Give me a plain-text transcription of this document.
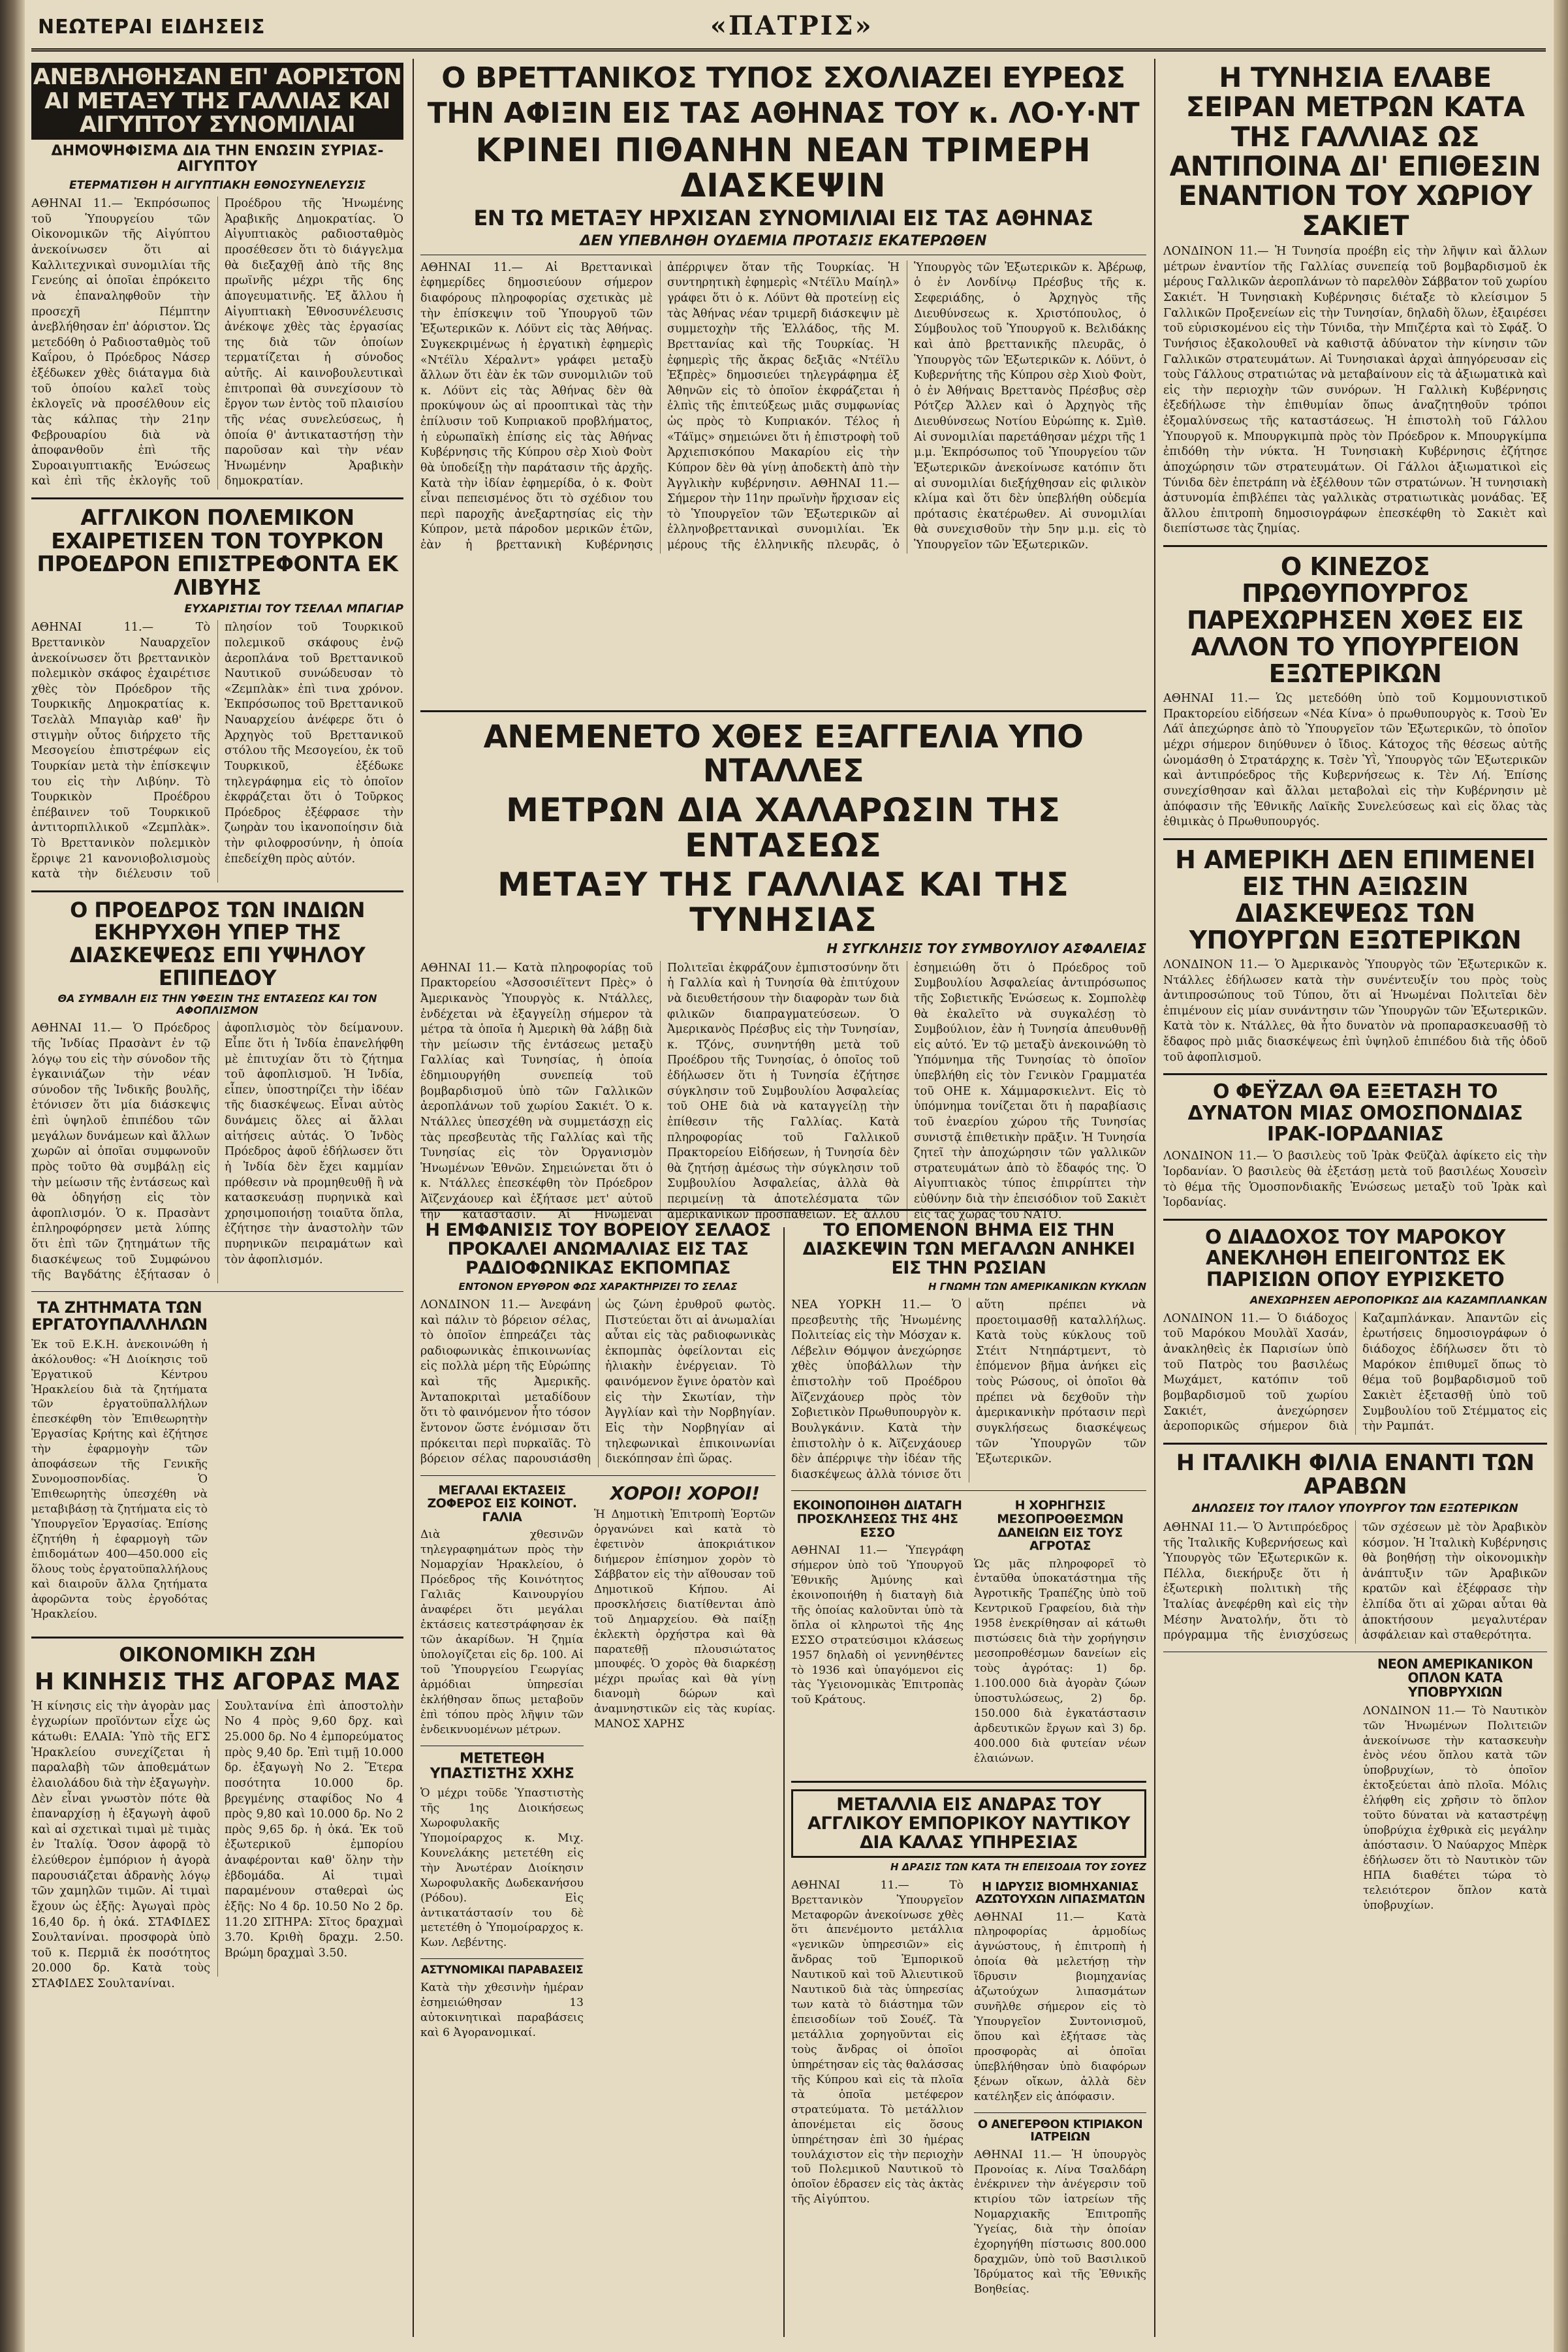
ΝΕΩΤΕΡΑΙ ΕΙΔΗΣΕΙΣ	«ΠΑΤΡΙΣ»
ΑΝΕΒΛΗΘΗΣΑΝ ΕΠ' ΑΟΡΙΣΤΟΝ ΑΙ ΜΕΤΑΞΥ ΤΗΣ ΓΑΛΛΙΑΣ ΚΑΙ ΑΙΓΥΠΤΟΥ ΣΥΝΟΜΙΛΙΑΙ
ΔΗΜΟΨΗΦΙΣΜΑ ΔΙΑ ΤΗΝ ΕΝΩΣΙΝ ΣΥΡΙΑΣ-ΑΙΓΥΠΤΟΥ
ΕΤΕΡΜΑΤΙΣΘΗ Η ΑΙΓΥΠΤΙΑΚΗ ΕΘΝΟΣΥΝΕΛΕΥΣΙΣ

ΑΘΗΝΑΙ 11.— Ἐκπρόσωπος τοῦ Ὑπουργείου τῶν Οἰκονομικῶν τῆς Αἰγύπτου ἀνεκοίνωσεν ὅτι αἱ Καλλιτεχνικαὶ συνομιλίαι τῆς Γενεύης αἱ ὁποῖαι ἐπρόκειτο νὰ ἐπαναληφθοῦν τὴν προσεχῆ Πέμπτην ἀνεβλήθησαν ἐπ' ἀόριστον. Ὡς μετεδόθη ὁ Ραδιοσταθμὸς τοῦ Καΐρου, ὁ Πρόεδρος Νάσερ ἐξέδωκεν χθὲς διάταγμα διὰ τοῦ ὁποίου καλεῖ τοὺς ἐκλογεῖς νὰ προσέλθουν εἰς τὰς κάλπας τὴν 21ην Φεβρουαρίου διὰ νὰ ἀποφανθοῦν ἐπὶ τῆς Συροαιγυπτιακῆς Ἑνώσεως καὶ ἐπὶ τῆς ἐκλογῆς τοῦ Προέδρου τῆς Ἡνωμένης Ἀραβικῆς Δημοκρατίας. Ὁ Αἰγυπτιακὸς ραδιοσταθμὸς προσέθεσεν ὅτι τὸ διάγγελμα θὰ διεξαχθῇ ἀπὸ τῆς 8ης πρωϊνῆς μέχρι τῆς 6ης ἀπογευματινῆς. Ἐξ ἄλλου ἡ Αἰγυπτιακὴ Ἐθνοσυνέλευσις ἀνέκοψε χθὲς τὰς ἐργασίας της διὰ τῶν ὁποίων τερματίζεται ἡ σύνοδος αὐτῆς. Αἱ καινοβουλευτικαὶ ἐπιτροπαὶ θὰ συνεχίσουν τὸ ἔργον των ἐντὸς τοῦ πλαισίου τῆς νέας συνελεύσεως, ἡ ὁποία θ' ἀντικαταστήσῃ τὴν παροῦσαν καὶ τὴν νέαν Ἡνωμένην Ἀραβικὴν δημοκρατίαν.

ΑΓΓΛΙΚΟΝ ΠΟΛΕΜΙΚΟΝ ΕΧΑΙΡΕΤΙΣΕΝ ΤΟΝ ΤΟΥΡΚΟΝ ΠΡΟΕΔΡΟΝ ΕΠΙΣΤΡΕΦΟΝΤΑ ΕΚ ΛΙΒΥΗΣ
ΕΥΧΑΡΙΣΤΙΑΙ ΤΟΥ ΤΣΕΛΑΛ ΜΠΑΓΙΑΡ

ΑΘΗΝΑΙ 11.— Τὸ Βρεττανικὸν Ναυαρχεῖον ἀνεκοίνωσεν ὅτι βρεττανικὸν πολεμικὸν σκάφος ἐχαιρέτισε χθὲς τὸν Πρόεδρον τῆς Τουρκικῆς Δημοκρατίας κ. Τσελὰλ Μπαγιὰρ καθ' ἣν στιγμὴν οὗτος διήρχετο τῆς Μεσογείου ἐπιστρέφων εἰς Τουρκίαν μετὰ τὴν ἐπίσκεψιν του εἰς τὴν Λιβύην. Τὸ Τουρκικὸν Προέδρου ἐπέβαινεν τοῦ Τουρκικοῦ ἀντιτορπιλλικοῦ «Ζεμπλὰκ». Τὸ Βρεττανικὸν πολεμικὸν ἔρριψε 21 κανονιοβολισμοὺς κατὰ τὴν διέλευσιν τοῦ πλησίον τοῦ Τουρκικοῦ πολεμικοῦ σκάφους ἐνῷ ἀεροπλάνα τοῦ Βρεττανικοῦ Ναυτικοῦ συνώδευσαν τὸ «Ζεμπλὰκ» ἐπὶ τινα χρόνον. Ἐκπρόσωπος τοῦ Βρεττανικοῦ Ναυαρχείου ἀνέφερε ὅτι ὁ Ἀρχηγὸς τοῦ Βρεττανικοῦ στόλου τῆς Μεσογείου, ἐκ τοῦ Τουρκικοῦ, ἐξέδωκε τηλεγράφημα εἰς τὸ ὁποῖον ἐκφράζεται ὅτι ὁ Τοῦρκος Πρόεδρος ἐξέφρασε τὴν ζωηρὰν του ἱκανοποίησιν διὰ τὴν φιλοφροσύνην, ἡ ὁποία ἐπεδείχθη πρὸς αὐτόν.

Ο ΠΡΟΕΔΡΟΣ ΤΩΝ ΙΝΔΙΩΝ ΕΚΗΡΥΧΘΗ ΥΠΕΡ ΤΗΣ ΔΙΑΣΚΕΨΕΩΣ ΕΠΙ ΥΨΗΛΟΥ ΕΠΙΠΕΔΟΥ
ΘΑ ΣΥΜΒΑΛΗ ΕΙΣ ΤΗΝ ΥΦΕΣΙΝ ΤΗΣ ΕΝΤΑΣΕΩΣ ΚΑΙ ΤΟΝ ΑΦΟΠΛΙΣΜΟΝ

ΑΘΗΝΑΙ 11.— Ὁ Πρόεδρος τῆς Ἰνδίας Πρασὰντ ἐν τῷ λόγῳ του εἰς τὴν σύνοδον τῆς ἐγκαινιάζων τὴν νέαν σύνοδον τῆς Ἰνδικῆς βουλῆς, ἐτόνισεν ὅτι μία διάσκεψις ἐπὶ ὑψηλοῦ ἐπιπέδου τῶν μεγάλων δυνάμεων καὶ ἄλλων χωρῶν αἱ ὁποῖαι συμφωνοῦν πρὸς τοῦτο θὰ συμβάλῃ εἰς τὴν μείωσιν τῆς ἐντάσεως καὶ θὰ ὁδηγήσῃ εἰς τὸν ἀφοπλισμόν. Ὁ κ. Πρασὰντ ἐπληροφόρησεν μετὰ λύπης ὅτι ἐπὶ τῶν ζητημάτων τῆς διασκέψεως τοῦ Συμφώνου τῆς Βαγδάτης ἐξήτασαν ὁ ἀφοπλισμὸς τὸν δείμανουν. Εἶπε ὅτι ἡ Ἰνδία ἐπανελήφθη μὲ ἐπιτυχίαν ὅτι τὸ ζήτημα τοῦ ἀφοπλισμοῦ. Ἡ Ἰνδία, εἶπεν, ὑποστηρίζει τὴν ἰδέαν τῆς διασκέψεως. Εἶναι αὐτὸς δυνάμεις ὅλες αἱ ἄλλαι αἰτήσεις αὐτάς. Ὁ Ἰνδὸς Πρόεδρος ἀφοῦ ἐδήλωσεν ὅτι ἡ Ἰνδία δὲν ἔχει καμμίαν πρόθεσιν νὰ προμηθευθῇ ἢ νὰ κατασκευάσῃ πυρηνικὰ καὶ χρησιμοποιήσῃ τοιαῦτα ὅπλα, ἐζήτησε τὴν ἀναστολὴν τῶν πυρηνικῶν πειραμάτων καὶ τὸν ἀφοπλισμόν.

ΤΑ ΖΗΤΗΜΑΤΑ ΤΩΝ ΕΡΓΑΤΟΥΠΑΛΛΗΛΩΝ

Ἐκ τοῦ Ε.Κ.Η. ἀνεκοινώθη ἡ ἀκόλουθος: «Ἡ Διοίκησις τοῦ Ἐργατικοῦ Κέντρου Ἡρακλείου διὰ τὰ ζητήματα τῶν ἐργατοϋπαλλήλων ἐπεσκέφθη τὸν Ἐπιθεωρητὴν Ἐργασίας Κρήτης καὶ ἐζήτησε τὴν ἐφαρμογὴν τῶν ἀποφάσεων τῆς Γενικῆς Συνομοσπονδίας. Ὁ Ἐπιθεωρητὴς ὑπεσχέθη νὰ μεταβιβάσῃ τὰ ζητήματα εἰς τὸ Ὑπουργεῖον Ἐργασίας. Ἐπίσης ἐζητήθη ἡ ἐφαρμογὴ τῶν ἐπιδομάτων 400—450.000 εἰς ὅλους τοὺς ἐργατοϋπαλλήλους καὶ διαιροῦν ἄλλα ζητήματα ἀφορῶντα τοὺς ἐργοδότας Ἡρακλείου.

ΟΙΚΟΝΟΜΙΚΗ ΖΩΗ
Η ΚΙΝΗΣΙΣ ΤΗΣ ΑΓΟΡΑΣ ΜΑΣ

Ἡ κίνησις εἰς τὴν ἀγορὰν μας ἐγχωρίων προϊόντων εἶχε ὡς κάτωθι: ΕΛΑΙΑ: Ὑπὸ τῆς ΕΓΣ Ἡρακλείου συνεχίζεται ἡ παραλαβὴ τῶν ἀποθεμάτων ἐλαιολάδου διὰ τὴν ἐξαγωγὴν. Δὲν εἶναι γνωστὸν πότε θὰ ἐπαναρχίσῃ ἡ ἐξαγωγὴ ἀφοῦ καὶ αἱ σχετικαὶ τιμαὶ μὲ τιμὰς ἐν Ἰταλίᾳ. Ὅσον ἀφορᾷ τὸ ἐλεύθερον ἐμπόριον ἡ ἀγορὰ παρουσιάζεται ἀδρανὴς λόγῳ τῶν χαμηλῶν τιμῶν. Αἱ τιμαὶ ἔχουν ὡς ἑξῆς: Ἀγωγαὶ πρὸς 16,40 δρ. ἡ ὀκά. ΣΤΑΦΙΔΕΣ Σουλτανίναι. προσφορὰ ὑπὸ τοῦ κ. Περμιᾶ ἐκ ποσότητος 20.000 δρ. Κατὰ τοὺς Σουλτανίνα ἐπὶ ἀποστολὴν Νο 4 πρὸς 9,60 δρχ. καὶ 25.000 δρ. Νο 4 ἐμπορεύματος πρὸς 9,40 δρ. Ἐπὶ τιμῇ 10.000 δρ. ἐξαγωγὴ Νο 2. Ἕτερα ποσότητα 10.000 δρ. βρεγμένης σταφίδος Νο 4 πρὸς 9,80 καὶ 10.000 δρ. Νο 2 πρὸς 9,65 δρ. ἡ ὀκά. Ἐκ τοῦ ἐξωτερικοῦ ἐμπορίου ἀναφέρονται καθ' ὅλην τὴν ἑβδομάδα. Αἱ τιμαὶ παραμένουν σταθεραὶ ὡς ἑξῆς: Νο 4 δρ. 10.50 Νο 2 δρ. 11.20 ΣΙΤΗΡΑ: Σῖτος δραχμαὶ 3.70. Κριθὴ δραχμ. 2.50. Βρώμη δραχμαὶ 3.50.

ΣΤΑΦΙΔΕΣ Σουλτανίναι.

Ο ΒΡΕΤΤΑΝΙΚΟΣ ΤΥΠΟΣ ΣΧΟΛΙΑΖΕΙ ΕΥΡΕΩΣ
ΤΗΝ ΑΦΙΞΙΝ ΕΙΣ ΤΑΣ ΑΘΗΝΑΣ ΤΟΥ κ. ΛΟ·Υ·ΝΤ
ΚΡΙΝΕΙ ΠΙΘΑΝΗΝ ΝΕΑΝ ΤΡΙΜΕΡΗ ΔΙΑΣΚΕΨΙΝ
ΕΝ ΤΩ ΜΕΤΑΞΥ ΗΡΧΙΣΑΝ ΣΥΝΟΜΙΛΙΑΙ ΕΙΣ ΤΑΣ ΑΘΗΝΑΣ
ΔΕΝ ΥΠΕΒΛΗΘΗ ΟΥΔΕΜΙΑ ΠΡΟΤΑΣΙΣ ΕΚΑΤΕΡΩΘΕΝ

ΑΘΗΝΑΙ 11.— Αἱ Βρεττανικαὶ ἐφημερίδες δημοσιεύουν σήμερον διαφόρους πληροφορίας σχετικὰς μὲ τὴν ἐπίσκεψιν τοῦ Ὑπουργοῦ τῶν Ἐξωτερικῶν κ. Λόϋντ εἰς τὰς Ἀθήνας. Συγκεκριμένως ἡ ἐργατικὴ ἐφημερὶς «Ντέϊλυ Χέραλντ» γράφει μεταξὺ ἄλλων ὅτι ἐὰν ἐκ τῶν συνομιλιῶν τοῦ κ. Λόϋντ εἰς τὰς Ἀθήνας δὲν θὰ προκύψουν ὡς αἱ προοπτικαὶ τὰς τὴν ἐπίλυσιν τοῦ Κυπριακοῦ προβλήματος, ἡ εὐρωπαϊκὴ ἐπίσης εἰς τὰς Ἀθήνας Κυβέρνησις τῆς Κύπρου σὲρ Χιοὺ Φοὺτ θὰ ὑποδείξῃ τὴν παράτασιν τῆς ἀρχῆς. Κατὰ τὴν ἰδίαν ἐφημερίδα, ὁ κ. Φοὺτ εἶναι πεπεισμένος ὅτι τὸ σχέδιον του περὶ παροχῆς ἀνεξαρτησίας εἰς τὴν Κύπρον, μετὰ πάροδον μερικῶν ἐτῶν, ἐὰν ἡ βρεττανικὴ Κυβέρνησις ἀπέρριψεν ὅταν τῆς Τουρκίας. Ἡ συντηρητικὴ ἐφημερὶς «Ντέϊλυ Μαίηλ» γράφει ὅτι ὁ κ. Λόϋντ θὰ προτείνῃ εἰς τὰς Ἀθήνας νέαν τριμερῆ διάσκεψιν μὲ συμμετοχὴν τῆς Ἑλλάδος, τῆς Μ. Βρεττανίας καὶ τῆς Τουρκίας. Ἡ ἐφημερὶς τῆς ἄκρας δεξιᾶς «Ντέϊλυ Ἐξπρὲς» δημοσιεύει τηλεγράφημα ἐξ Ἀθηνῶν εἰς τὸ ὁποῖον ἐκφράζεται ἡ ἐλπὶς τῆς ἐπιτεύξεως μιᾶς συμφωνίας ὡς πρὸς τὸ Κυπριακόν. Τέλος ἡ «Τάϊμς» σημειώνει ὅτι ἡ ἐπιστροφὴ τοῦ Ἀρχιεπισκόπου Μακαρίου εἰς τὴν Κύπρον δὲν θὰ γίνῃ ἀποδεκτὴ ἀπὸ τὴν Ἀγγλικὴν κυβέρνησιν. ΑΘΗΝΑΙ 11.— Σήμερον τὴν 11ην πρωϊνὴν ἤρχισαν εἰς τὸ Ὑπουργεῖον τῶν Ἐξωτερικῶν αἱ ἐλληνοβρεττανικαὶ συνομιλίαι. Ἐκ μέρους τῆς ἑλληνικῆς πλευρᾶς, ὁ Ὑπουργὸς τῶν Ἐξωτερικῶν κ. Ἀβέρωφ, ὁ ἐν Λονδίνῳ Πρέσβυς τῆς κ. Σεφεριάδης, ὁ Ἀρχηγὸς τῆς Διευθύνσεως κ. Χριστόπουλος, ὁ Σύμβουλος τοῦ Ὑπουργοῦ κ. Βελιδάκης καὶ ἀπὸ βρεττανικῆς πλευρᾶς, ὁ Ὑπουργὸς τῶν Ἐξωτερικῶν κ. Λόϋντ, ὁ Κυβερνήτης τῆς Κύπρου σὲρ Χιοὺ Φοὺτ, ὁ ἐν Ἀθήναις Βρεττανὸς Πρέσβυς σὲρ Ρότζερ Ἄλλεν καὶ ὁ Ἀρχηγὸς τῆς Διευθύνσεως Νοτίου Εὐρώπης κ. Σμὶθ. Αἱ συνομιλίαι παρετάθησαν μέχρι τῆς 1 μ.μ. Ἐκπρόσωπος τοῦ Ὑπουργείου τῶν Ἐξωτερικῶν ἀνεκοίνωσε κατόπιν ὅτι αἱ συνομιλίαι διεξήχθησαν εἰς φιλικὸν κλίμα καὶ ὅτι δὲν ὑπεβλήθη οὐδεμία πρότασις ἐκατέρωθεν. Αἱ συνομιλίαι θὰ συνεχισθοῦν τὴν 5ην μ.μ. εἰς τὸ Ὑπουργεῖον τῶν Ἐξωτερικῶν.

ΑΝΕΜΕΝΕΤΟ ΧΘΕΣ ΕΞΑΓΓΕΛΙΑ ΥΠΟ ΝΤΑΛΛΕΣ
ΜΕΤΡΩΝ ΔΙΑ ΧΑΛΑΡΩΣΙΝ ΤΗΣ ΕΝΤΑΣΕΩΣ
ΜΕΤΑΞΥ ΤΗΣ ΓΑΛΛΙΑΣ ΚΑΙ ΤΗΣ ΤΥΝΗΣΙΑΣ
Η ΣΥΓΚΛΗΣΙΣ ΤΟΥ ΣΥΜΒΟΥΛΙΟΥ ΑΣΦΑΛΕΙΑΣ

ΑΘΗΝΑΙ 11.— Κατὰ πληροφορίας τοῦ Πρακτορείου «Ἀσσοσιέϊτεντ Πρὲς» ὁ Ἀμερικανὸς Ὑπουργὸς κ. Ντάλλες, ἐνδέχεται νὰ ἐξαγγείλῃ σήμερον τὰ μέτρα τὰ ὁποῖα ἡ Ἀμερικὴ θὰ λάβῃ διὰ τὴν μείωσιν τῆς ἐντάσεως μεταξὺ Γαλλίας καὶ Τυνησίας, ἡ ὁποία ἐδημιουργήθη συνεπείᾳ τοῦ βομβαρδισμοῦ ὑπὸ τῶν Γαλλικῶν ἀεροπλάνων τοῦ χωρίου Σακιέτ. Ὁ κ. Ντάλλες ὑπεσχέθη νὰ συμμετάσχῃ εἰς τὰς πρεσβευτὰς τῆς Γαλλίας καὶ τῆς Τυνησίας εἰς τὸν Ὀργανισμὸν Ἡνωμένων Ἐθνῶν. Σημειώνεται ὅτι ὁ κ. Ντάλλες ἐπεσκέφθη τὸν Πρόεδρον Ἀϊζενχάουερ καὶ ἐξήτασε μετ' αὐτοῦ τὴν κατάστασιν. Αἱ Ἡνωμέναι Πολιτεῖαι ἐκφράζουν ἐμπιστοσύνην ὅτι ἡ Γαλλία καὶ ἡ Τυνησία θὰ ἐπιτύχουν νὰ διευθετήσουν τὴν διαφορὰν των διὰ φιλικῶν διαπραγματεύσεων. Ὁ Ἀμερικανὸς Πρέσβυς εἰς τὴν Τυνησίαν, κ. Τζόνς, συνηντήθη μετὰ τοῦ Προέδρου τῆς Τυνησίας, ὁ ὁποῖος τοῦ ἐδήλωσεν ὅτι ἡ Τυνησία ἐζήτησε σύγκλησιν τοῦ Συμβουλίου Ἀσφαλείας τοῦ ΟΗΕ διὰ νὰ καταγγείλῃ τὴν ἐπίθεσιν τῆς Γαλλίας. Κατὰ πληροφορίας τοῦ Γαλλικοῦ Πρακτορείου Εἰδήσεων, ἡ Τυνησία δὲν θὰ ζητήσῃ ἀμέσως τὴν σύγκλησιν τοῦ Συμβουλίου Ἀσφαλείας, ἀλλὰ θὰ περιμείνῃ τὰ ἀποτελέσματα τῶν ἀμερικανικῶν προσπαθειῶν. Ἐξ ἄλλου ἐσημειώθη ὅτι ὁ Πρόεδρος τοῦ Συμβουλίου Ἀσφαλείας ἀντιπρόσωπος τῆς Σοβιετικῆς Ἑνώσεως κ. Σομπολὲφ θὰ ἐκαλεῖτο νὰ συγκαλέσῃ τὸ Συμβούλιον, ἐὰν ἡ Τυνησία ἀπευθυνθῇ εἰς αὐτό. Ἐν τῷ μεταξὺ ἀνεκοινώθη τὸ Ὑπόμνημα τῆς Τυνησίας τὸ ὁποῖον ὑπεβλήθη εἰς τὸν Γενικὸν Γραμματέα τοῦ ΟΗΕ κ. Χάμμαρσκιελντ. Εἰς τὸ ὑπόμνημα τονίζεται ὅτι ἡ παραβίασις τοῦ ἐναερίου χώρου τῆς Τυνησίας συνιστᾷ ἐπιθετικὴν πρᾶξιν. Ἡ Τυνησία ζητεῖ τὴν ἀποχώρησιν τῶν γαλλικῶν στρατευμάτων ἀπὸ τὸ ἔδαφός της. Ὁ Αἰγυπτιακὸς τύπος ἐπιρρίπτει τὴν εὐθύνην διὰ τὴν ἐπεισόδιον τοῦ Σακιὲτ εἰς τὰς χώρας τοῦ ΝΑΤΟ.

Η ΕΜΦΑΝΙΣΙΣ ΤΟΥ ΒΟΡΕΙΟΥ ΣΕΛΑΟΣ ΠΡΟΚΑΛΕΙ ΑΝΩΜΑΛΙΑΣ ΕΙΣ ΤΑΣ ΡΑΔΙΟΦΩΝΙΚΑΣ ΕΚΠΟΜΠΑΣ
ΕΝΤΟΝΟΝ ΕΡΥΘΡΟΝ ΦΩΣ ΧΑΡΑΚΤΗΡΙΖΕΙ ΤΟ ΣΕΛΑΣ

ΛΟΝΔΙΝΟΝ 11.— Ἀνεφάνη καὶ πάλιν τὸ βόρειον σέλας, τὸ ὁποῖον ἐπηρεάζει τὰς ραδιοφωνικὰς ἐπικοινωνίας εἰς πολλὰ μέρη τῆς Εὐρώπης καὶ τῆς Ἀμερικῆς. Ἀνταποκριταὶ μεταδίδουν ὅτι τὸ φαινόμενον ἦτο τόσον ἔντονον ὥστε ἐνόμισαν ὅτι πρόκειται περὶ πυρκαϊᾶς. Τὸ βόρειον σέλας παρουσιάσθη ὡς ζώνη ἐρυθροῦ φωτὸς. Πιστεύεται ὅτι αἱ ἀνωμαλίαι αὗται εἰς τὰς ραδιοφωνικὰς ἐκπομπὰς ὀφείλονται εἰς ἡλιακὴν ἐνέργειαν. Τὸ φαινόμενον ἔγινε ὁρατὸν καὶ εἰς τὴν Σκωτίαν, τὴν Ἀγγλίαν καὶ τὴν Νορβηγίαν. Εἰς τὴν Νορβηγίαν αἱ τηλεφωνικαὶ ἐπικοινωνίαι διεκόπησαν ἐπὶ ὥρας.

ΜΕΓΑΛΑΙ ΕΚΤΑΣΕΙΣ ΖΟΦΕΡΟΣ ΕΙΣ ΚΟΙΝΟΤ. ΓΑΛΙΑ

Διὰ χθεσινῶν τηλεγραφημάτων πρὸς τὴν Νομαρχίαν Ἡρακλείου, ὁ Πρόεδρος τῆς Κοινότητος Γαλιᾶς Καινουργίου ἀναφέρει ὅτι μεγάλαι ἐκτάσεις κατεστράφησαν ἐκ τῶν ἀκαρίδων. Ἡ ζημία ὑπολογίζεται εἰς δρ. 100. Αἱ τοῦ Ὑπουργείου Γεωργίας ἀρμόδιαι ὑπηρεσίαι ἐκλήθησαν ὅπως μεταβοῦν ἐπὶ τόπου πρὸς λῆψιν τῶν ἐνδεικνυομένων μέτρων.

ΜΕΤΕΤΕΘΗ ΥΠΑΣΤΙΣΤΗΣ ΧΧΗΣ

Ὁ μέχρι τοῦδε Ὑπαστιστὴς τῆς 1ης Διοικήσεως Χωροφυλακῆς Ὑπομοίραρχος κ. Μιχ. Κουνελάκης μετετέθη εἰς τὴν Ἀνωτέραν Διοίκησιν Χωροφυλακῆς Δωδεκανήσου (Ρόδου). Εἰς ἀντικατάστασίν του δὲ μετετέθη ὁ Ὑπομοίραρχος κ. Κων. Λεβέντης.

ΑΣΤΥΝΟΜΙΚΑΙ ΠΑΡΑΒΑΣΕΙΣ

Κατὰ τὴν χθεσινὴν ἡμέραν ἐσημειώθησαν 13 αὐτοκινητικαὶ παραβάσεις καὶ 6 Ἀγορανομικαί.

ΧΟΡΟΙ! ΧΟΡΟΙ!

Ἡ Δημοτικὴ Ἐπιτροπὴ Ἑορτῶν ὀργανώνει καὶ κατὰ τὸ ἐφετινὸν ἀποκριάτικον διήμερον ἐπίσημον χορὸν τὸ Σάββατον εἰς τὴν αἴθουσαν τοῦ Δημοτικοῦ Κήπου. Αἱ προσκλήσεις διατίθενται ἀπὸ τοῦ Δημαρχείου. Θὰ παίξῃ ἐκλεκτὴ ὀρχήστρα καὶ θὰ παρατεθῇ πλουσιώτατος μπουφές. Ὁ χορὸς θὰ διαρκέσῃ μέχρι πρωΐας καὶ θὰ γίνῃ διανομὴ δώρων καὶ ἀναμνηστικῶν εἰς τὰς κυρίας. ΜΑΝΟΣ ΧΑΡΗΣ

ΤΟ ΕΠΟΜΕΝΟΝ ΒΗΜΑ ΕΙΣ ΤΗΝ ΔΙΑΣΚΕΨΙΝ ΤΩΝ ΜΕΓΑΛΩΝ ΑΝΗΚΕΙ ΕΙΣ ΤΗΝ ΡΩΣΙΑΝ
Η ΓΝΩΜΗ ΤΩΝ ΑΜΕΡΙΚΑΝΙΚΩΝ ΚΥΚΛΩΝ

ΝΕΑ ΥΟΡΚΗ 11.— Ὁ πρεσβευτὴς τῆς Ἡνωμένης Πολιτείας εἰς τὴν Μόσχαν κ. Λέβελιν Θόμψον ἀνεχώρησε χθὲς ὑποβάλλων τὴν ἐπιστολὴν τοῦ Προέδρου Ἀϊζενχάουερ πρὸς τὸν Σοβιετικὸν Πρωθυπουργὸν κ. Βουλγκάνιν. Κατὰ τὴν ἐπιστολὴν ὁ κ. Ἀϊζενχάουερ δὲν ἀπέρριψε τὴν ἰδέαν τῆς διασκέψεως ἀλλὰ τόνισε ὅτι αὕτη πρέπει νὰ προετοιμασθῇ καταλλήλως. Κατὰ τοὺς κύκλους τοῦ Στέιτ Ντηπάρτμεντ, τὸ ἑπόμενον βῆμα ἀνήκει εἰς τοὺς Ρώσους, οἱ ὁποῖοι θὰ πρέπει νὰ δεχθοῦν τὴν ἀμερικανικὴν πρότασιν περὶ συγκλήσεως διασκέψεως τῶν Ὑπουργῶν τῶν Ἐξωτερικῶν.

ΕΚΟΙΝΟΠΟΙΗΘΗ ΔΙΑΤΑΓΗ ΠΡΟΣΚΛΗΣΕΩΣ ΤΗΣ 4ΗΣ ΕΣΣΟ

ΑΘΗΝΑΙ 11.— Ὑπεγράφη σήμερον ὑπὸ τοῦ Ὑπουργοῦ Ἐθνικῆς Ἀμύνης καὶ ἐκοινοποιήθη ἡ διαταγὴ διὰ τῆς ὁποίας καλοῦνται ὑπὸ τὰ ὅπλα οἱ κληρωτοὶ τῆς 4ης ΕΣΣΟ στρατεύσιμοι κλάσεως 1957 δηλαδὴ οἱ γεννηθέντες τὸ 1936 καὶ ὑπαγόμενοι εἰς τὰς Ὑγειονομικὰς Ἐπιτροπὰς τοῦ Κράτους.

Η ΧΟΡΗΓΗΣΙΣ ΜΕΣΟΠΡΟΘΕΣΜΩΝ ΔΑΝΕΙΩΝ ΕΙΣ ΤΟΥΣ ΑΓΡΟΤΑΣ

Ὡς μᾶς πληροφορεῖ τὸ ἐνταῦθα ὑποκατάστημα τῆς Ἀγροτικῆς Τραπέζης ὑπὸ τοῦ Κεντρικοῦ Γραφείου, διὰ τὴν 1958 ἐνεκρίθησαν αἱ κάτωθι πιστώσεις διὰ τὴν χορήγησιν μεσοπροθέσμων δανείων εἰς τοὺς ἀγρότας: 1) δρ. 1.100.000 διὰ ἀγορὰν ζώων ὑποστυλώσεως, 2) δρ. 150.000 διὰ ἐγκατάστασιν ἀρδευτικῶν ἔργων καὶ 3) δρ. 400.000 διὰ φυτείαν νέων ἐλαιώνων.

ΜΕΤΑΛΛΙΑ ΕΙΣ ΑΝΔΡΑΣ ΤΟΥ ΑΓΓΛΙΚΟΥ ΕΜΠΟΡΙΚΟΥ ΝΑΥΤΙΚΟΥ ΔΙΑ ΚΑΛΑΣ ΥΠΗΡΕΣΙΑΣ
Η ΔΡΑΣΙΣ ΤΩΝ ΚΑΤΑ ΤΗ ΕΠΕΙΣΟΔΙΑ ΤΟΥ ΣΟΥΕΖ

ΑΘΗΝΑΙ 11.— Τὸ Βρεττανικὸν Ὑπουργεῖον Μεταφορῶν ἀνεκοίνωσε χθὲς ὅτι ἀπενέμοντο μετάλλια «γενικῶν ὑπηρεσιῶν» εἰς ἄνδρας τοῦ Ἐμπορικοῦ Ναυτικοῦ καὶ τοῦ Ἀλιευτικοῦ Ναυτικοῦ διὰ τὰς ὑπηρεσίας των κατὰ τὸ διάστημα τῶν ἐπεισοδίων τοῦ Σουέζ. Τὰ μετάλλια χορηγοῦνται εἰς τοὺς ἄνδρας οἱ ὁποῖοι ὑπηρέτησαν εἰς τὰς θαλάσσας τῆς Κύπρου καὶ εἰς τὰ πλοῖα τὰ ὁποῖα μετέφερον στρατεύματα. Τὸ μετάλλιον ἀπονέμεται εἰς ὅσους ὑπηρέτησαν ἐπὶ 30 ἡμέρας τουλάχιστον εἰς τὴν περιοχὴν τοῦ Πολεμικοῦ Ναυτικοῦ τὸ ὁποῖον ἐδρασεν εἰς τὰς ἀκτὰς τῆς Αἰγύπτου.

Η ΙΔΡΥΣΙΣ ΒΙΟΜΗΧΑΝΙΑΣ ΑΖΩΤΟΥΧΩΝ ΛΙΠΑΣΜΑΤΩΝ

ΑΘΗΝΑΙ 11.— Κατὰ πληροφορίας ἁρμοδίως ἀγνώστους, ἡ ἐπιτροπὴ ἡ ὁποία θὰ μελετήσῃ τὴν ἵδρυσιν βιομηχανίας ἀζωτούχων λιπασμάτων συνῆλθε σήμερον εἰς τὸ Ὑπουργεῖον Συντονισμοῦ, ὅπου καὶ ἐξήτασε τὰς προσφορὰς αἱ ὁποῖαι ὑπεβλήθησαν ὑπὸ διαφόρων ξένων οἴκων, ἀλλὰ δὲν κατέληξεν εἰς ἀπόφασιν.

Ο ΑΝΕΓΕΡΘΟΝ ΚΤΙΡΙΑΚΟΝ ΙΑΤΡΕΙΩΝ

ΑΘΗΝΑΙ 11.— Ἡ ὑπουργὸς Προνοίας κ. Λίνα Τσαλδάρη ἐνέκρινεν τὴν ἀνέγερσιν τοῦ κτιρίου τῶν ἰατρείων τῆς Νομαρχιακῆς Ἐπιτροπῆς Ὑγείας, διὰ τὴν ὁποίαν ἐχορηγήθη πίστωσις 800.000 δραχμῶν, ὑπὸ τοῦ Βασιλικοῦ Ἰδρύματος καὶ τῆς Ἐθνικῆς Βοηθείας.

Η ΤΥΝΗΣΙΑ ΕΛΑΒΕ ΣΕΙΡΑΝ ΜΕΤΡΩΝ ΚΑΤΑ ΤΗΣ ΓΑΛΛΙΑΣ ΩΣ ΑΝΤΙΠΟΙΝΑ ΔΙ' ΕΠΙΘΕΣΙΝ ΕΝΑΝΤΙΟΝ ΤΟΥ ΧΩΡΙΟΥ ΣΑΚΙΕΤ

ΛΟΝΔΙΝΟΝ 11.— Ἡ Τυνησία προέβη εἰς τὴν λῆψιν καὶ ἄλλων μέτρων ἐναντίον τῆς Γαλλίας συνεπείᾳ τοῦ βομβαρδισμοῦ ἐκ μέρους Γαλλικῶν ἀεροπλάνων τὸ παρελθὸν Σάββατον τοῦ χωρίου Σακιέτ. Ἡ Τυνησιακὴ Κυβέρνησις διέταξε τὸ κλείσιμον 5 Γαλλικῶν Προξενείων εἰς τὴν Τυνησίαν, δηλαδὴ ὅλων, ἐξαιρέσει τοῦ εὑρισκομένου εἰς τὴν Τύνιδα, τὴν Μπιζέρτα καὶ τὸ Σφάξ. Ὁ Τυνήσιος ἐξακολουθεῖ νὰ καθιστᾷ ἀδύνατον τὴν κίνησιν τῶν Γαλλικῶν στρατευμάτων. Αἱ Τυνησιακαὶ ἀρχαὶ ἀπηγόρευσαν εἰς τοὺς Γάλλους στρατιώτας νὰ μεταβαίνουν εἰς τὰ ἀξιωματικὰ καὶ εἰς τὴν περιοχὴν τῶν συνόρων. Ἡ Γαλλικὴ Κυβέρνησις ἐξεδήλωσε τὴν ἐπιθυμίαν ὅπως ἀναζητηθοῦν τρόποι ἐξομαλύνσεως τῆς καταστάσεως. Ἡ ἐπιστολὴ τοῦ Γάλλου Ὑπουργοῦ κ. Μπουργκιμπὰ πρὸς τὸν Πρόεδρον κ. Μπουργκίμπα ἐπιδόθη τὴν νύκτα. Ἡ Τυνησιακὴ Κυβέρνησις ἐζήτησε ἀποχώρησιν τῶν στρατευμάτων. Οἱ Γάλλοι ἀξιωματικοὶ εἰς Τύνιδα δὲν ἐπετράπη νὰ ἐξέλθουν τῶν στρατώνων. Ἡ τυνησιακὴ ἀστυνομία ἐπιβλέπει τὰς γαλλικὰς στρατιωτικὰς μονάδας. Ἐξ ἄλλου ἐπιτροπὴ δημοσιογράφων ἐπεσκέφθη τὸ Σακιὲτ καὶ διεπίστωσε τὰς ζημίας.

Ο ΚΙΝΕΖΟΣ ΠΡΩΘΥΠΟΥΡΓΟΣ ΠΑΡΕΧΩΡΗΣΕΝ ΧΘΕΣ ΕΙΣ ΑΛΛΟΝ ΤΟ ΥΠΟΥΡΓΕΙΟΝ ΕΞΩΤΕΡΙΚΩΝ

ΑΘΗΝΑΙ 11.— Ὡς μετεδόθη ὑπὸ τοῦ Κομμουνιστικοῦ Πρακτορείου εἰδήσεων «Νέα Κίνα» ὁ πρωθυπουργὸς κ. Τσοὺ Ἐν Λάϊ ἀπεχώρησε ἀπὸ τὸ Ὑπουργεῖον τῶν Ἐξωτερικῶν, τὸ ὁποῖον μέχρι σήμερον διηύθυνεν ὁ ἴδιος. Κάτοχος τῆς θέσεως αὐτῆς ὠνομάσθη ὁ Στρατάρχης κ. Τσὲν Ὑῒ, Ὑπουργὸς τῶν Ἐξωτερικῶν καὶ ἀντιπρόεδρος τῆς Κυβερνήσεως κ. Τὲν Λή. Ἐπίσης συνεχίσθησαν καὶ ἄλλαι μεταβολαὶ εἰς τὴν Κυβέρνησιν μὲ ἀπόφασιν τῆς Ἐθνικῆς Λαϊκῆς Συνελεύσεως καὶ εἰς ὅλας τὰς ἐθιμικὰς ὁ Πρωθυπουργός.

Η ΑΜΕΡΙΚΗ ΔΕΝ ΕΠΙΜΕΝΕΙ ΕΙΣ ΤΗΝ ΑΞΙΩΣΙΝ ΔΙΑΣΚΕΨΕΩΣ ΤΩΝ ΥΠΟΥΡΓΩΝ ΕΞΩΤΕΡΙΚΩΝ

ΛΟΝΔΙΝΟΝ 11.— Ὁ Ἀμερικανὸς Ὑπουργὸς τῶν Ἐξωτερικῶν κ. Ντάλλες ἐδήλωσεν κατὰ τὴν συνέντευξίν του πρὸς τοὺς ἀντιπροσώπους τοῦ Τύπου, ὅτι αἱ Ἡνωμέναι Πολιτεῖαι δὲν ἐπιμένουν εἰς μίαν συνάντησιν τῶν Ὑπουργῶν τῶν Ἐξωτερικῶν. Κατὰ τὸν κ. Ντάλλες, θὰ ἦτο δυνατὸν νὰ προπαρασκευασθῇ τὸ ἔδαφος πρὸ μιᾶς διασκέψεως ἐπὶ ὑψηλοῦ ἐπιπέδου διὰ τῆς ὁδοῦ τοῦ ἀφοπλισμοῦ.

Ο ΦΕΫΖΑΛ ΘΑ ΕΞΕΤΑΣΗ ΤΟ ΔΥΝΑΤΟΝ ΜΙΑΣ ΟΜΟΣΠΟΝΔΙΑΣ ΙΡΑΚ-ΙΟΡΔΑΝΙΑΣ

ΛΟΝΔΙΝΟΝ 11.— Ὁ βασιλεὺς τοῦ Ἰρὰκ Φεϋζὰλ ἀφίκετο εἰς τὴν Ἰορδανίαν. Ὁ βασιλεὺς θὰ ἐξετάσῃ μετὰ τοῦ βασιλέως Χουσεὶν τὸ θέμα τῆς Ὁμοσπονδιακῆς Ἑνώσεως μεταξὺ τοῦ Ἰρὰκ καὶ Ἰορδανίας.

Ο ΔΙΑΔΟΧΟΣ ΤΟΥ ΜΑΡΟΚΟΥ ΑΝΕΚΛΗΘΗ ΕΠΕΙΓΟΝΤΩΣ ΕΚ ΠΑΡΙΣΙΩΝ ΟΠΟΥ ΕΥΡΙΣΚΕΤΟ
ΑΝΕΧΩΡΗΣΕΝ ΑΕΡΟΠΟΡΙΚΩΣ ΔΙΑ ΚΑΖΑΜΠΛΑΝΚΑΝ

ΛΟΝΔΙΝΟΝ 11.— Ὁ διάδοχος τοῦ Μαρόκου Μουλὰϊ Χασάν, ἀνακληθεὶς ἐκ Παρισίων ὑπὸ τοῦ Πατρὸς του βασιλέως Μωχάμετ, κατόπιν τοῦ βομβαρδισμοῦ τοῦ χωρίου Σακιέτ, ἀνεχώρησεν ἀεροπορικῶς σήμερον διὰ Καζαμπλάνκαν. Ἀπαντῶν εἰς ἐρωτήσεις δημοσιογράφων ὁ διάδοχος ἐδήλωσεν ὅτι τὸ Μαρόκον ἐπιθυμεῖ ὅπως τὸ θέμα τοῦ βομβαρδισμοῦ τοῦ Σακιὲτ ἐξετασθῇ ὑπὸ τοῦ Συμβουλίου τοῦ Στέμματος εἰς τὴν Ραμπάτ.

Η ΙΤΑΛΙΚΗ ΦΙΛΙΑ ΕΝΑΝΤΙ ΤΩΝ ΑΡΑΒΩΝ
ΔΗΛΩΣΕΙΣ ΤΟΥ ΙΤΑΛΟΥ ΥΠΟΥΡΓΟΥ ΤΩΝ ΕΞΩΤΕΡΙΚΩΝ

ΑΘΗΝΑΙ 11.— Ὁ Ἀντιπρόεδρος τῆς Ἰταλικῆς Κυβερνήσεως καὶ Ὑπουργὸς τῶν Ἐξωτερικῶν κ. Πέλλα, διεκήρυξε ὅτι ἡ ἐξωτερικὴ πολιτικὴ τῆς Ἰταλίας ἀνεφέρθη καὶ εἰς τὴν Μέσην Ἀνατολήν, ὅτι τὸ πρόγραμμα τῆς ἐνισχύσεως τῶν σχέσεων μὲ τὸν Ἀραβικὸν κόσμον. Ἡ Ἰταλικὴ Κυβέρνησις θὰ βοηθήσῃ τὴν οἰκονομικὴν ἀνάπτυξιν τῶν Ἀραβικῶν κρατῶν καὶ ἐξέφρασε τὴν ἐλπίδα ὅτι αἱ χῶραι αὗται θὰ ἀποκτήσουν μεγαλυτέραν ἀσφάλειαν καὶ σταθερότητα.

ΝΕΟΝ ΑΜΕΡΙΚΑΝΙΚΟΝ ΟΠΛΟΝ ΚΑΤΑ ΥΠΟΒΡΥΧΙΩΝ

ΛΟΝΔΙΝΟΝ 11.— Τὸ Ναυτικὸν τῶν Ἡνωμένων Πολιτειῶν ἀνεκοίνωσε τὴν κατασκευὴν ἑνὸς νέου ὅπλου κατὰ τῶν ὑποβρυχίων, τὸ ὁποῖον ἐκτοξεύεται ἀπὸ πλοῖα. Μόλις ἐλήφθη εἰς χρῆσιν τὸ ὅπλον τοῦτο δύναται νὰ καταστρέψῃ ὑποβρύχια ἐχθρικὰ εἰς μεγάλην ἀπόστασιν. Ὁ Ναύαρχος Μπὲρκ ἐδήλωσεν ὅτι τὸ Ναυτικὸν τῶν ΗΠΑ διαθέτει τώρα τὸ τελειότερον ὅπλον κατὰ ὑποβρυχίων.
